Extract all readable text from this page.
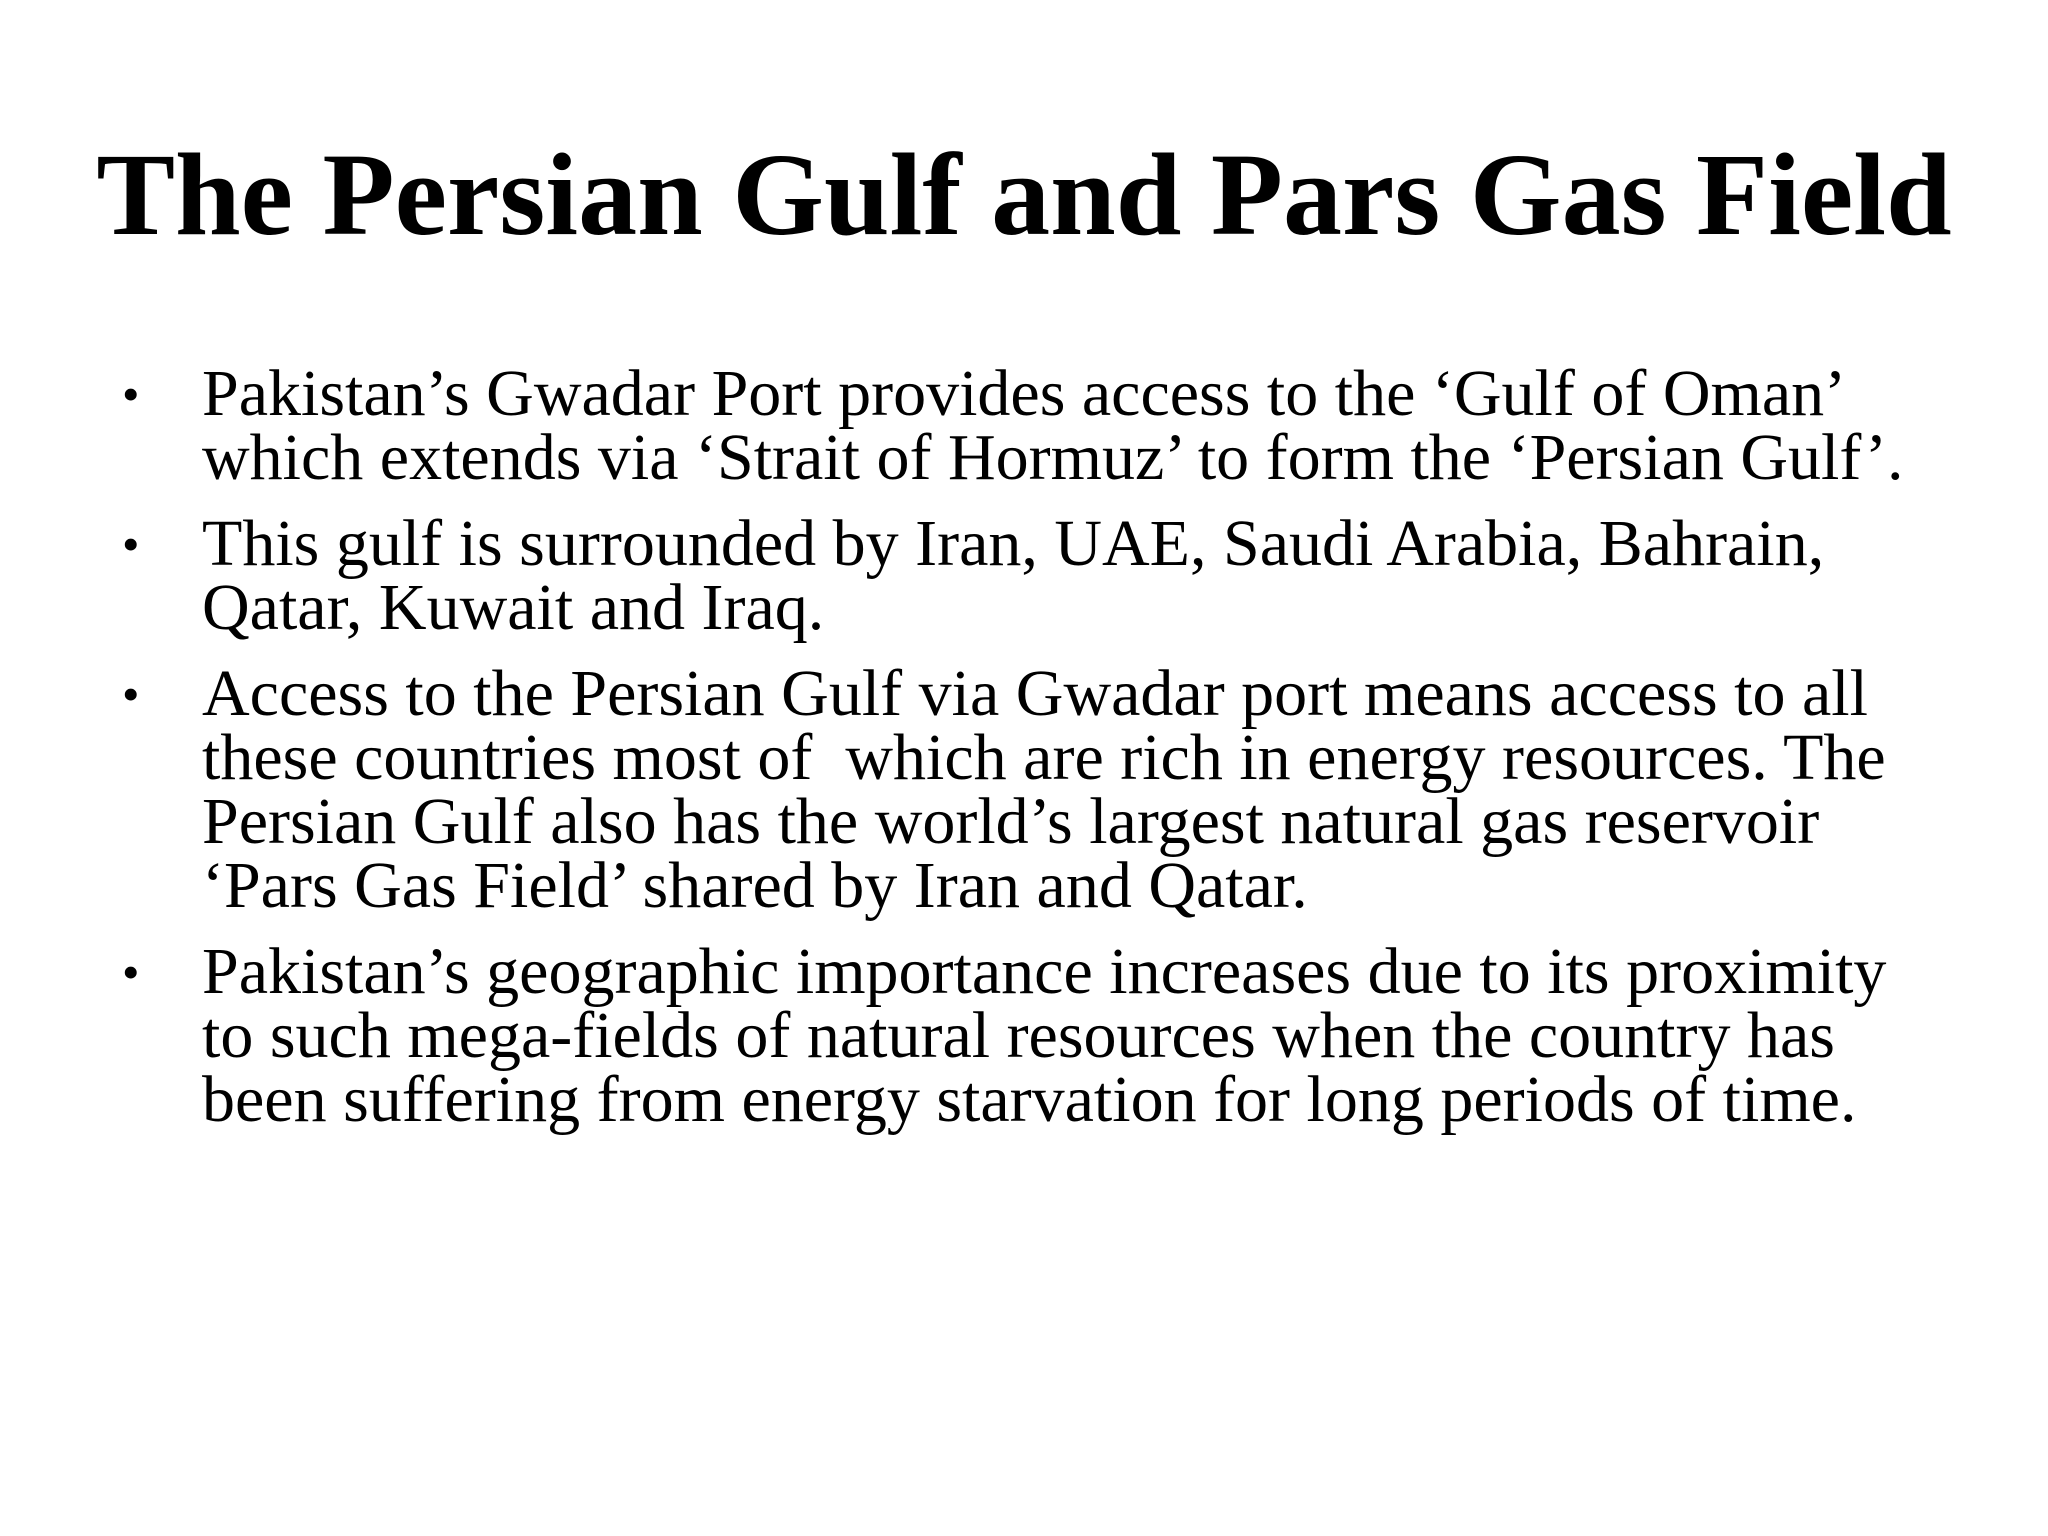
The Persian Gulf and Pars Gas Field
• Pakistan’s Gwadar Port provides access to the ‘Gulf of Oman’ which extends via ‘Strait of Hormuz’ to form the ‘Persian Gulf’.
• This gulf is surrounded by Iran, UAE, Saudi Arabia, Bahrain, Qatar, Kuwait and Iraq.
• Access to the Persian Gulf via Gwadar port means access to all these countries most of  which are rich in energy resources. The Persian Gulf also has the world’s largest natural gas reservoir ‘Pars Gas Field’ shared by Iran and Qatar.
• Pakistan’s geographic importance increases due to its proximity to such mega-fields of natural resources when the country has been suffering from energy starvation for long periods of time.
